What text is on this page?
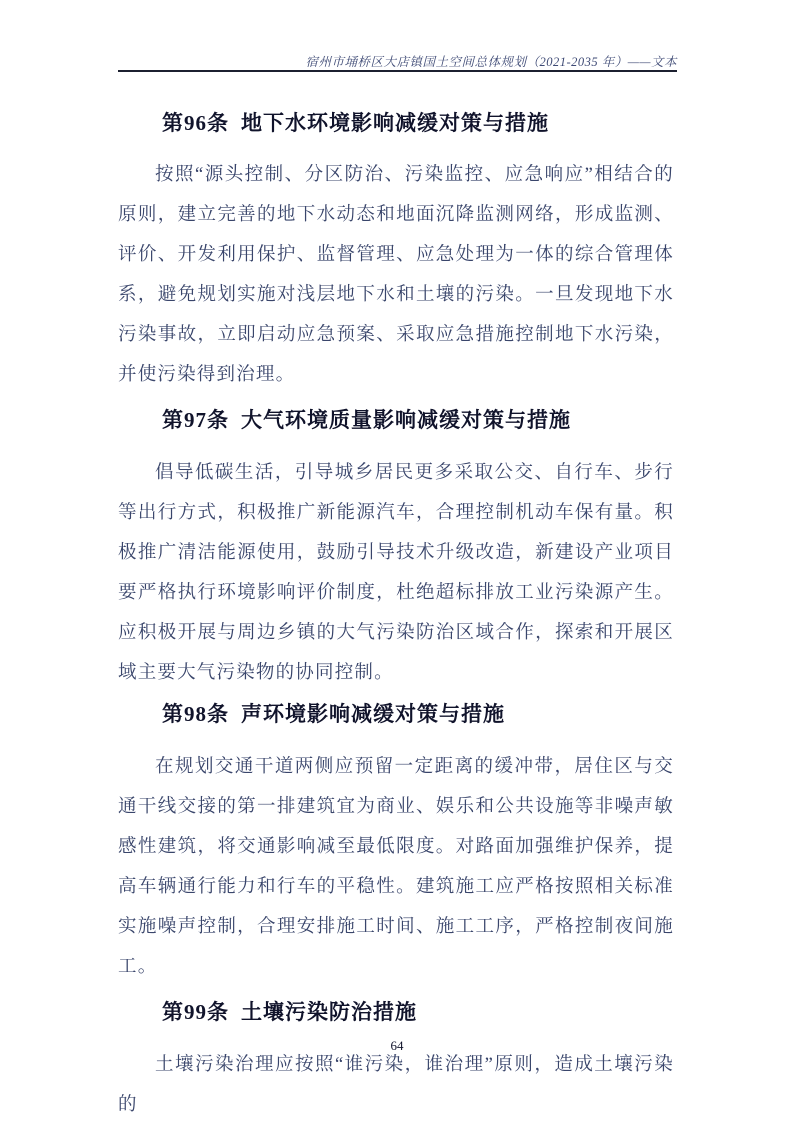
宿州市埇桥区大店镇国土空间总体规划（2021-2035 年）——文本
第96条 地下水环境影响减缓对策与措施

按照“源头控制、分区防治、污染监控、应急响应”相结合的原则，建立完善的地下水动态和地面沉降监测网络，形成监测、评价、开发利用保护、监督管理、应急处理为一体的综合管理体系，避免规划实施对浅层地下水和土壤的污染。一旦发现地下水污染事故，立即启动应急预案、采取应急措施控制地下水污染，并使污染得到治理。

第97条 大气环境质量影响减缓对策与措施

倡导低碳生活，引导城乡居民更多采取公交、自行车、步行等出行方式，积极推广新能源汽车，合理控制机动车保有量。积极推广清洁能源使用，鼓励引导技术升级改造，新建设产业项目要严格执行环境影响评价制度，杜绝超标排放工业污染源产生。应积极开展与周边乡镇的大气污染防治区域合作，探索和开展区域主要大气污染物的协同控制。

第98条 声环境影响减缓对策与措施

在规划交通干道两侧应预留一定距离的缓冲带，居住区与交通干线交接的第一排建筑宜为商业、娱乐和公共设施等非噪声敏感性建筑，将交通影响减至最低限度。对路面加强维护保养，提高车辆通行能力和行车的平稳性。建筑施工应严格按照相关标准实施噪声控制，合理安排施工时间、施工工序，严格控制夜间施工。

第99条 土壤污染防治措施

土壤污染治理应按照“谁污染，谁治理”原则，造成土壤污染的

64
